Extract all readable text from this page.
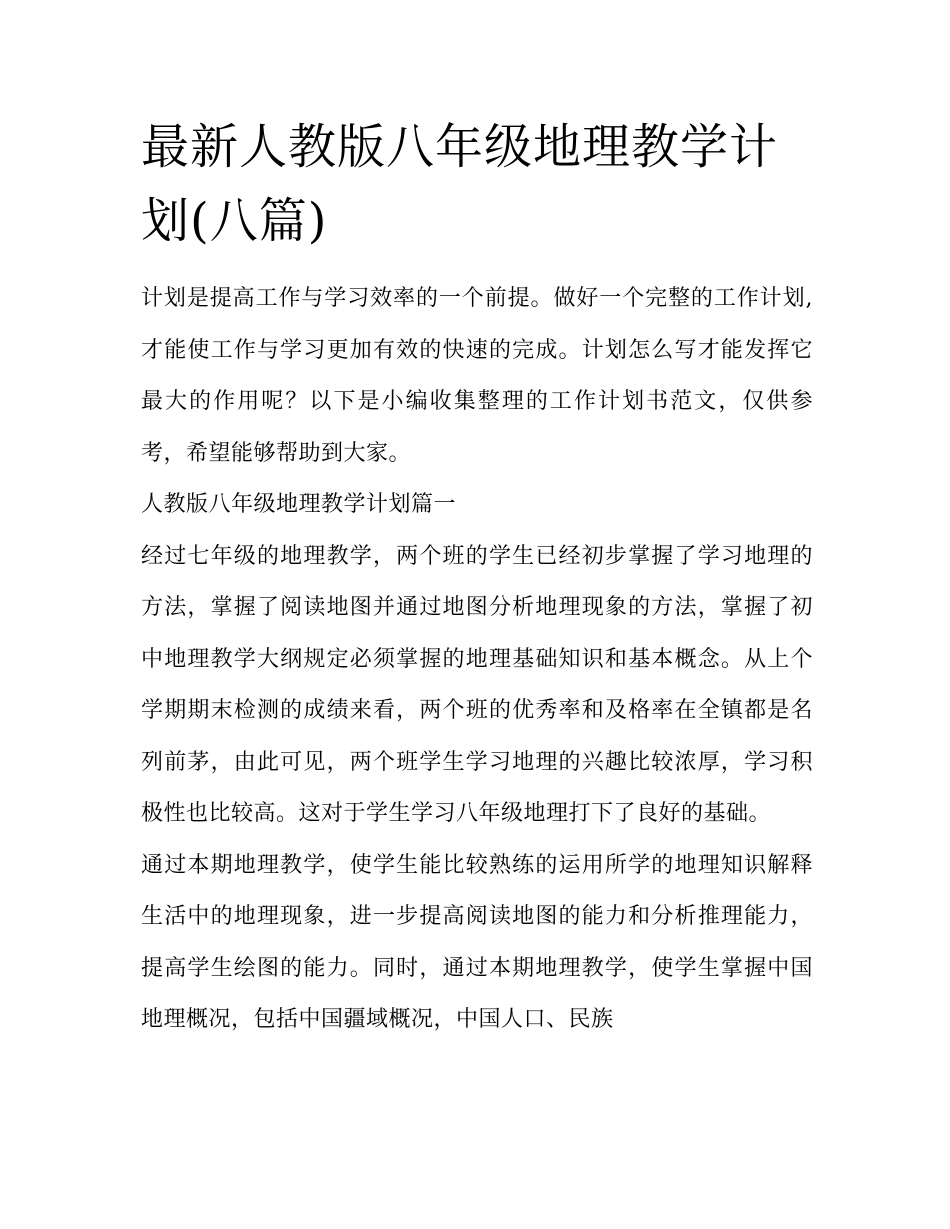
最新人教版八年级地理教学计划(八篇)

计划是提高工作与学习效率的一个前提。做好一个完整的工作计划,才能使工作与学习更加有效的快速的完成。计划怎么写才能发挥它最大的作用呢？以下是小编收集整理的工作计划书范文，仅供参考，希望能够帮助到大家。

人教版八年级地理教学计划篇一

经过七年级的地理教学，两个班的学生已经初步掌握了学习地理的方法，掌握了阅读地图并通过地图分析地理现象的方法，掌握了初中地理教学大纲规定必须掌握的地理基础知识和基本概念。从上个学期期末检测的成绩来看，两个班的优秀率和及格率在全镇都是名列前茅，由此可见，两个班学生学习地理的兴趣比较浓厚，学习积极性也比较高。这对于学生学习八年级地理打下了良好的基础。

通过本期地理教学，使学生能比较熟练的运用所学的地理知识解释生活中的地理现象，进一步提高阅读地图的能力和分析推理能力，提高学生绘图的能力。同时，通过本期地理教学，使学生掌握中国地理概况，包括中国疆域概况，中国人口、民族
